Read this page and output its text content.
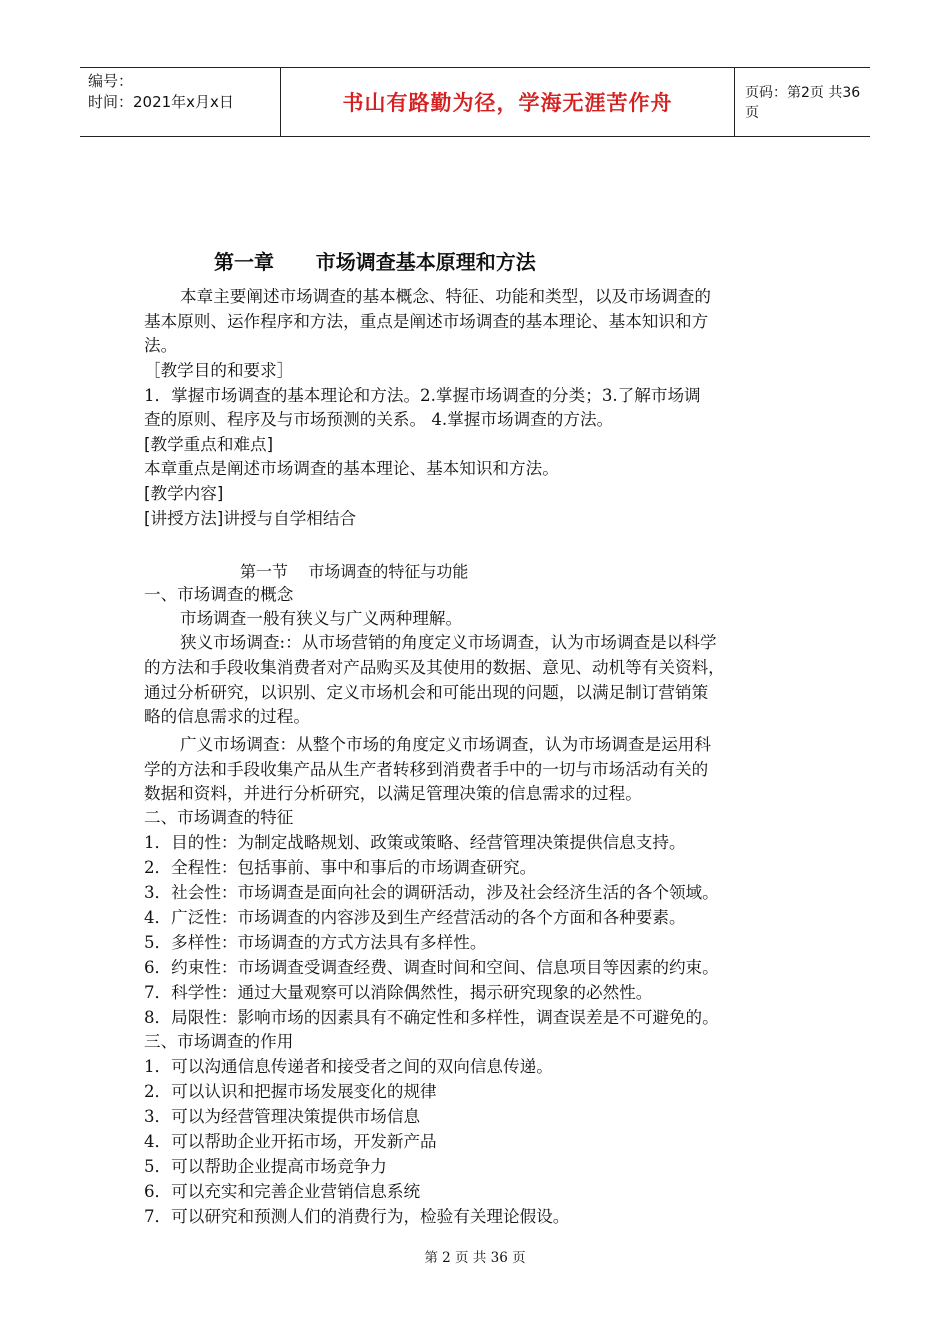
编号：
时间：2021年x月x日	书山有路勤为径，学海无涯苦作舟	页码：第2页 共36页
第一章      市场调查基本原理和方法
本章主要阐述市场调查的基本概念、特征、功能和类型，以及市场调查的
基本原则、运作程序和方法，重点是阐述市场调查的基本理论、基本知识和方
法。
［教学目的和要求］
1．掌握市场调查的基本理论和方法。2.掌握市场调查的分类；3.了解市场调
查的原则、程序及与市场预测的关系。 4.掌握市场调查的方法。
[教学重点和难点]
本章重点是阐述市场调查的基本理论、基本知识和方法。
[教学内容]
[讲授方法]讲授与自学相结合
第一节    市场调查的特征与功能
一、市场调查的概念
市场调查一般有狭义与广义两种理解。
狭义市场调查:：从市场营销的角度定义市场调查，认为市场调查是以科学
的方法和手段收集消费者对产品购买及其使用的数据、意见、动机等有关资料，
通过分析研究，以识别、定义市场机会和可能出现的问题，以满足制订营销策
略的信息需求的过程。
广义市场调查：从整个市场的角度定义市场调查，认为市场调查是运用科
学的方法和手段收集产品从生产者转移到消费者手中的一切与市场活动有关的
数据和资料，并进行分析研究，以满足管理决策的信息需求的过程。
二、市场调查的特征
1．目的性：为制定战略规划、政策或策略、经营管理决策提供信息支持。
2．全程性：包括事前、事中和事后的市场调查研究。
3．社会性：市场调查是面向社会的调研活动，涉及社会经济生活的各个领域。
4．广泛性：市场调查的内容涉及到生产经营活动的各个方面和各种要素。
5．多样性：市场调查的方式方法具有多样性。
6．约束性：市场调查受调查经费、调查时间和空间、信息项目等因素的约束。
7．科学性：通过大量观察可以消除偶然性，揭示研究现象的必然性。
8．局限性：影响市场的因素具有不确定性和多样性，调查误差是不可避免的。
三、市场调查的作用
1．可以沟通信息传递者和接受者之间的双向信息传递。
2．可以认识和把握市场发展变化的规律
3．可以为经营管理决策提供市场信息
4．可以帮助企业开拓市场，开发新产品
5．可以帮助企业提高市场竞争力
6．可以充实和完善企业营销信息系统
7．可以研究和预测人们的消费行为，检验有关理论假设。
第 2 页 共 36 页
